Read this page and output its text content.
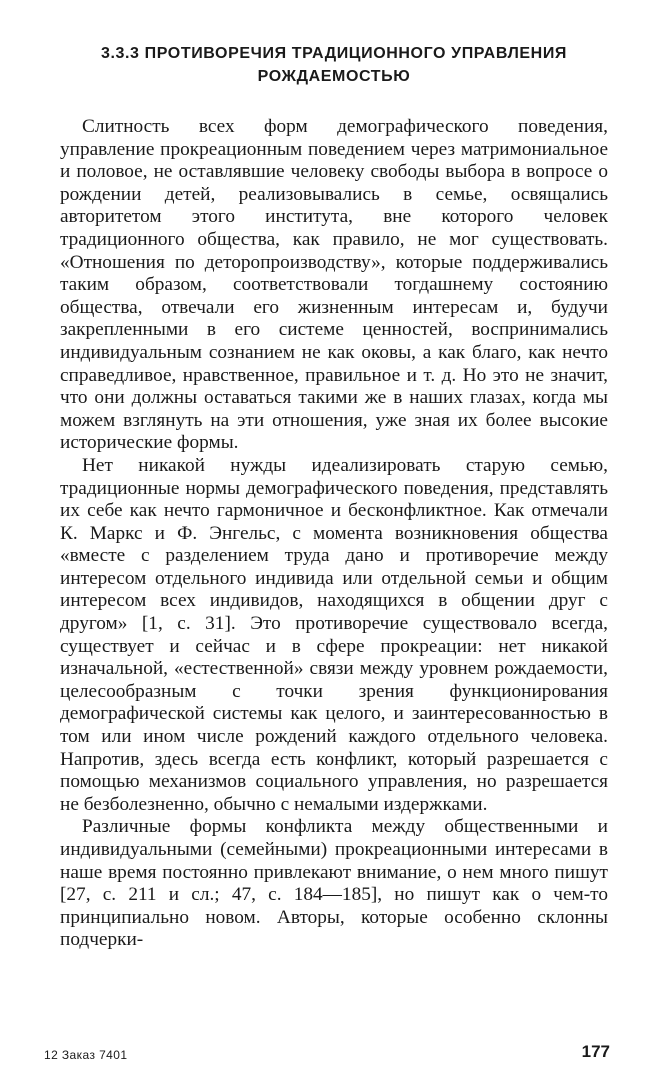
3.3.3 ПРОТИВОРЕЧИЯ ТРАДИЦИОННОГО УПРАВЛЕНИЯ
РОЖДАЕМОСТЬЮ

Слитность всех форм демографического поведения, управление прокреационным поведением через матримониальное и половое, не оставлявшие человеку свободы выбора в вопросе о рождении детей, реализовывались в семье, освящались авторитетом этого института, вне которого человек традиционного общества, как правило, не мог существовать. «Отношения по деторопроизводству», которые поддерживались таким образом, соответствовали тогдашнему состоянию общества, отвечали его жизненным интересам и, будучи закрепленными в его системе ценностей, воспринимались индивидуальным сознанием не как оковы, а как благо, как нечто справедливое, нравственное, правильное и т. д. Но это не значит, что они должны оставаться такими же в наших глазах, когда мы можем взглянуть на эти отношения, уже зная их более высокие исторические формы.

Нет никакой нужды идеализировать старую семью, традиционные нормы демографического поведения, представлять их себе как нечто гармоничное и бесконфликтное. Как отмечали К. Маркс и Ф. Энгельс, с момента возникновения общества «вместе с разделением труда дано и противоречие между интересом отдельного индивида или отдельной семьи и общим интересом всех индивидов, находящихся в общении друг с другом» [1, с. 31]. Это противоречие существовало всегда, существует и сейчас и в сфере прокреации: нет никакой изначальной, «естественной» связи между уровнем рождаемости, целесообразным с точки зрения функционирования демографической системы как целого, и заинтересованностью в том или ином числе рождений каждого отдельного человека. Напротив, здесь всегда есть конфликт, который разрешается с помощью механизмов социального управления, но разрешается не безболезненно, обычно с немалыми издержками.

Различные формы конфликта между общественными и индивидуальными (семейными) прокреационными интересами в наше время постоянно привлекают внимание, о нем много пишут [27, с. 211 и сл.; 47, с. 184—185], но пишут как о чем-то принципиально новом. Авторы, которые особенно склонны подчерки-

12 Заказ 7401	177
